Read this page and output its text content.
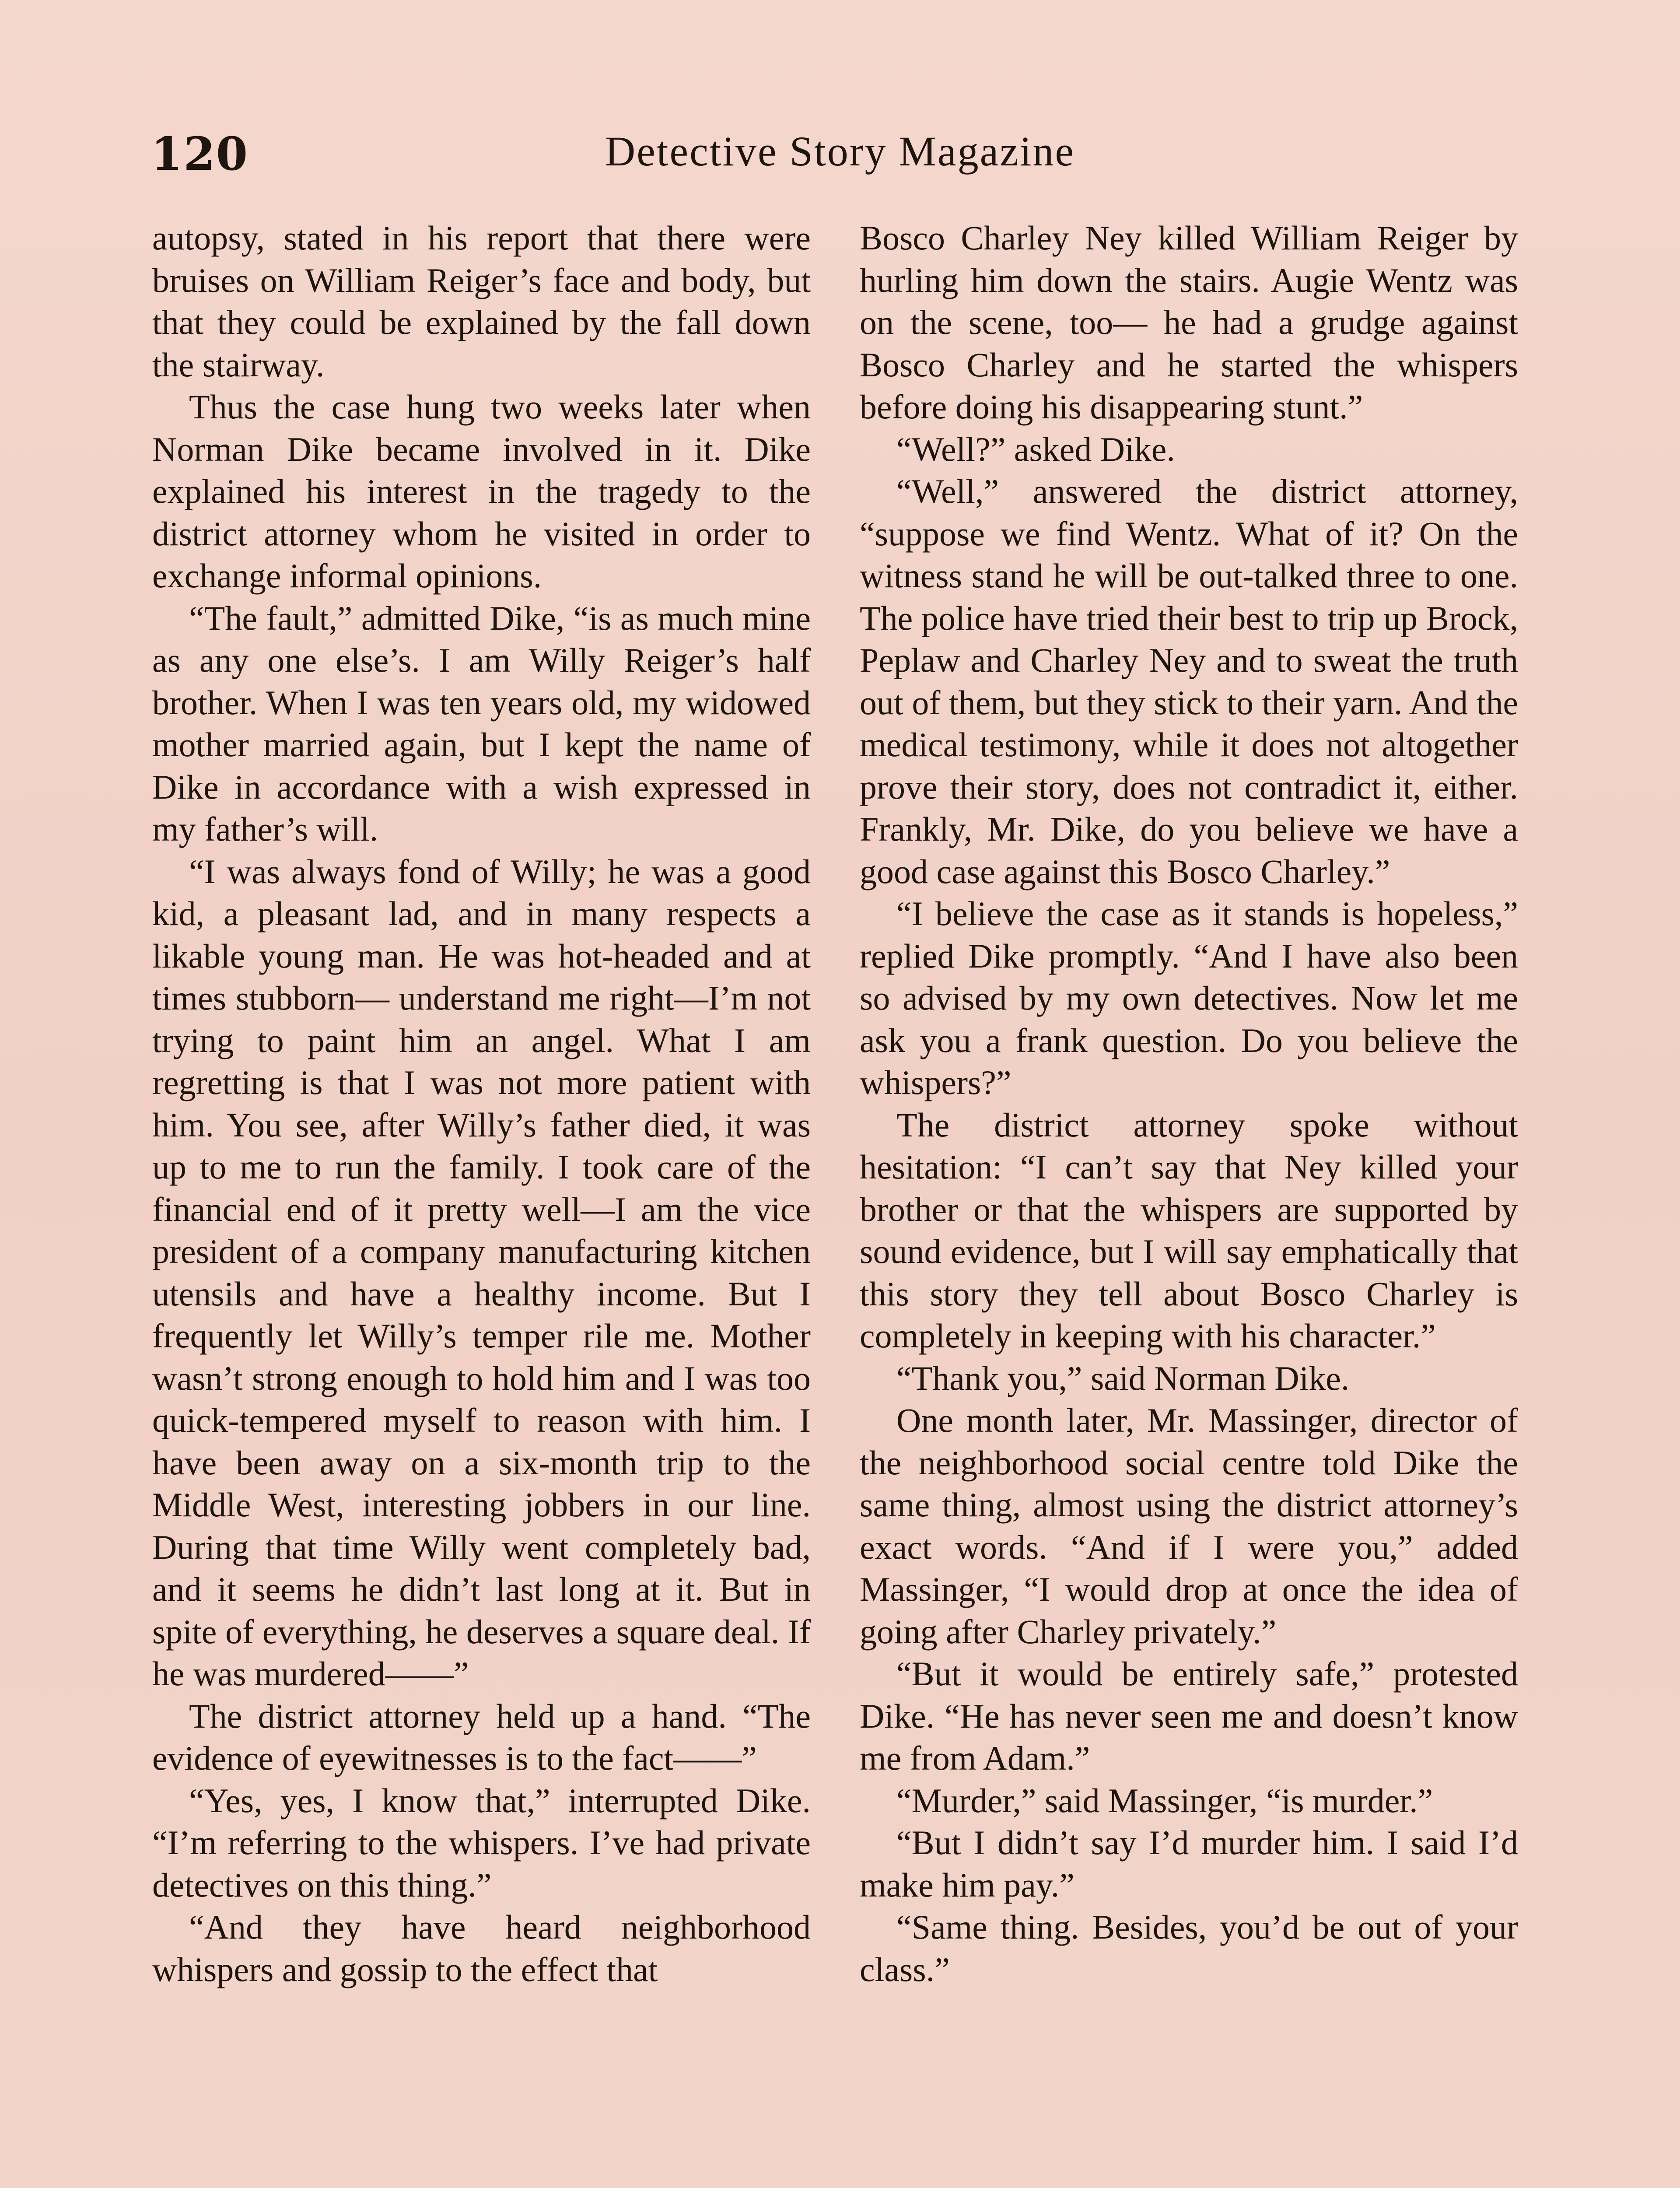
120	Detective Story Magazine

autopsy, stated in his report that there were bruises on William Reiger’s face and body, but that they could be explained by the fall down the stairway.

Thus the case hung two weeks later when Norman Dike became involved in it. Dike explained his interest in the tragedy to the district attorney whom he visited in order to exchange informal opinions.

“The fault,” admitted Dike, “is as much mine as any one else’s. I am Willy Reiger’s half brother. When I was ten years old, my widowed mother married again, but I kept the name of Dike in accordance with a wish expressed in my father’s will.

“I was always fond of Willy; he was a good kid, a pleasant lad, and in many respects a likable young man. He was hot-headed and at times stubborn— understand me right—I’m not trying to paint him an angel. What I am regretting is that I was not more patient with him. You see, after Willy’s father died, it was up to me to run the family. I took care of the financial end of it pretty well—I am the vice president of a company manufacturing kitchen utensils and have a healthy income. But I frequently let Willy’s temper rile me. Mother wasn’t strong enough to hold him and I was too quick-tempered myself to reason with him. I have been away on a six-month trip to the Middle West, interesting jobbers in our line. During that time Willy went completely bad, and it seems he didn’t last long at it. But in spite of everything, he deserves a square deal. If he was murdered——”

The district attorney held up a hand. “The evidence of eyewitnesses is to the fact——”

“Yes, yes, I know that,” interrupted Dike. “I’m referring to the whispers. I’ve had private detectives on this thing.”

“And they have heard neighborhood whispers and gossip to the effect that

Bosco Charley Ney killed William Reiger by hurling him down the stairs. Augie Wentz was on the scene, too— he had a grudge against Bosco Charley and he started the whispers before doing his disappearing stunt.”

“Well?” asked Dike.

“Well,” answered the district attorney, “suppose we find Wentz. What of it? On the witness stand he will be out-talked three to one. The police have tried their best to trip up Brock, Peplaw and Charley Ney and to sweat the truth out of them, but they stick to their yarn. And the medical testimony, while it does not altogether prove their story, does not contradict it, either. Frankly, Mr. Dike, do you believe we have a good case against this Bosco Charley.”

“I believe the case as it stands is hopeless,” replied Dike promptly. “And I have also been so advised by my own detectives. Now let me ask you a frank question. Do you believe the whispers?”

The district attorney spoke without hesitation: “I can’t say that Ney killed your brother or that the whispers are supported by sound evidence, but I will say emphatically that this story they tell about Bosco Charley is completely in keeping with his character.”

“Thank you,” said Norman Dike.

One month later, Mr. Massinger, director of the neighborhood social centre told Dike the same thing, almost using the district attorney’s exact words. “And if I were you,” added Massinger, “I would drop at once the idea of going after Charley privately.”

“But it would be entirely safe,” protested Dike. “He has never seen me and doesn’t know me from Adam.”

“Murder,” said Massinger, “is murder.”

“But I didn’t say I’d murder him. I said I’d make him pay.”

“Same thing. Besides, you’d be out of your class.”
